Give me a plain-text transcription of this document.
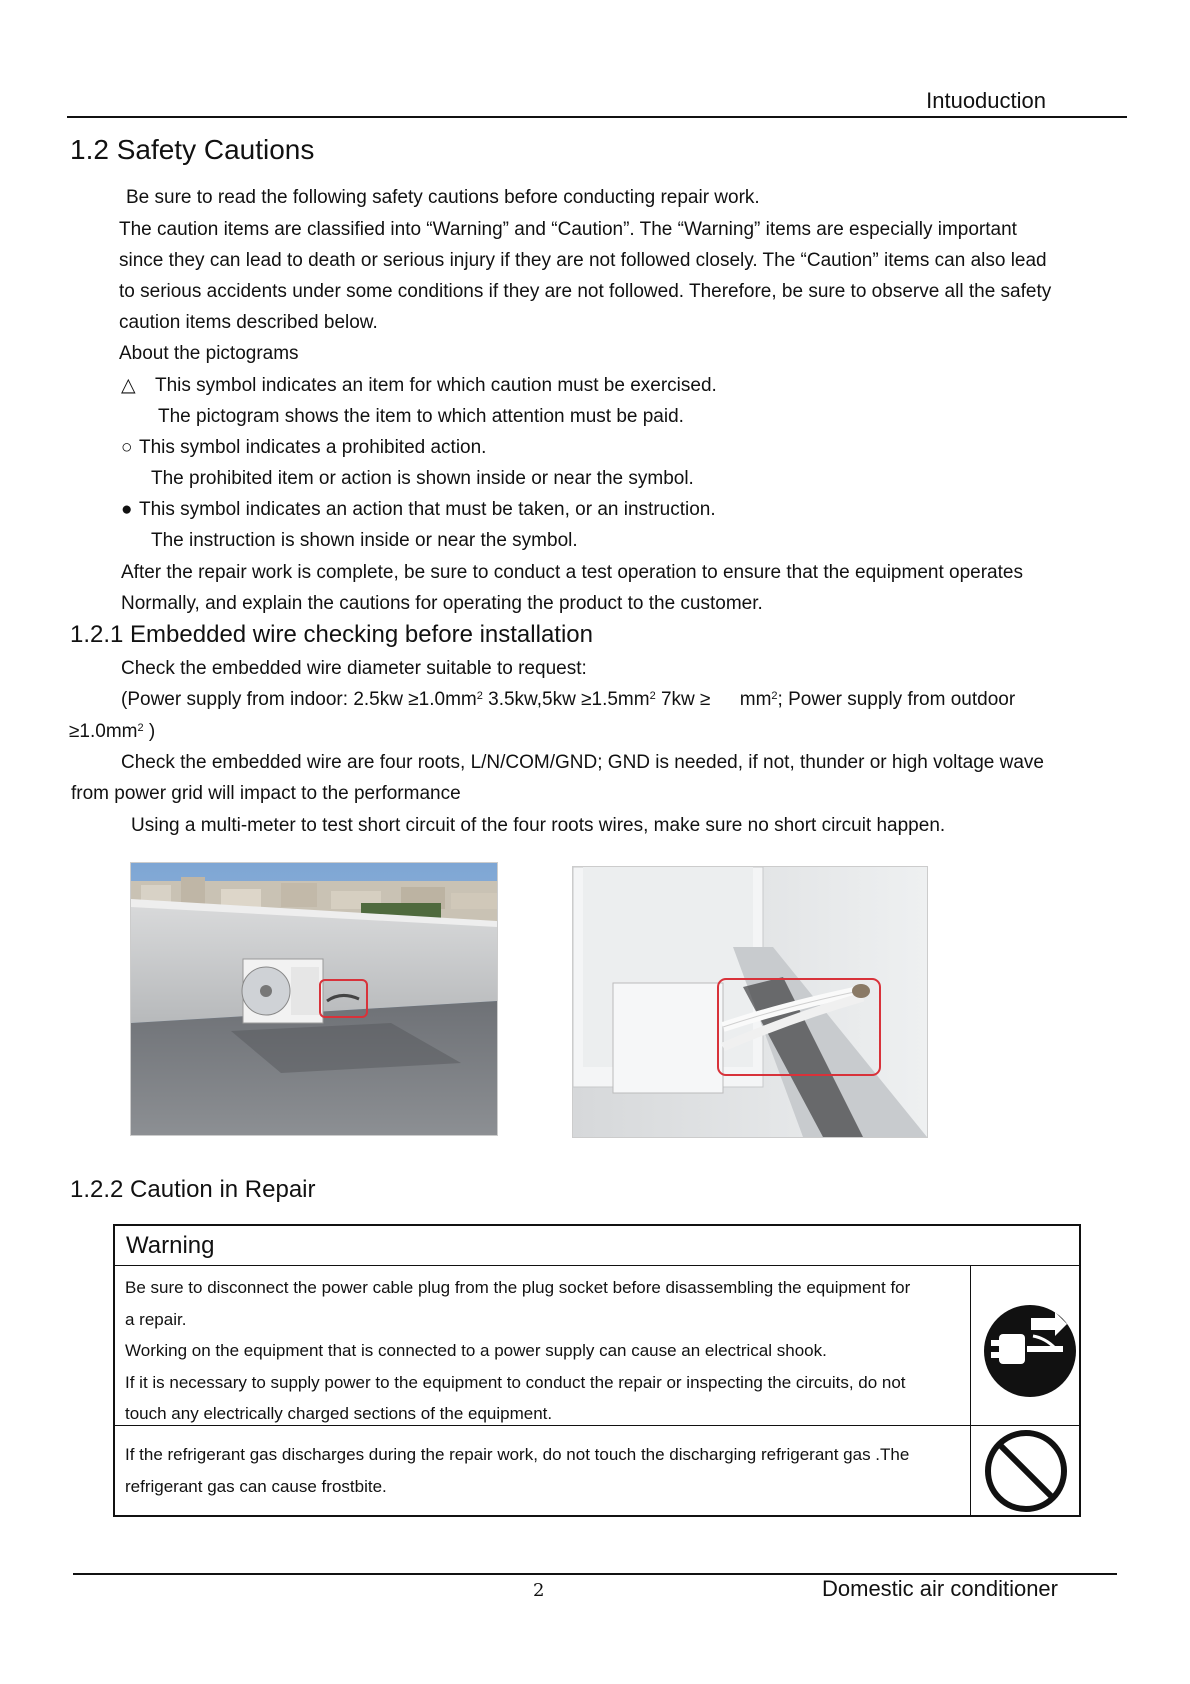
Intuoduction
1.2 Safety Cautions
Be sure to read the following safety cautions before conducting repair work.
The caution items are classified into “Warning” and “Caution”. The “Warning” items are especially important
since they can lead to death or serious injury if they are not followed closely. The “Caution” items can also lead
to serious accidents under some conditions if they are not followed. Therefore, be sure to observe all the safety
caution items described below.
About the pictograms
△ This symbol indicates an item for which caution must be exercised.
The pictogram shows the item to which attention must be paid.
○ This symbol indicates a prohibited action.
The prohibited item or action is shown inside or near the symbol.
● This symbol indicates an action that must be taken, or an instruction.
The instruction is shown inside or near the symbol.
After the repair work is complete, be sure to conduct a test operation to ensure that the equipment operates
Normally, and explain the cautions for operating the product to the customer.
1.2.1 Embedded wire checking before installation
Check the embedded wire diameter suitable to request:
(Power supply from indoor: $2.5kw \ge 1.0mm^2$ $3.5kw,5kw \ge 1.5mm^2$ $7kw \ge mm^2$; Power supply from outdoor
$\ge 1.0mm^2$ )
Check the embedded wire are four roots, L/N/COM/GND; GND is needed, if not, thunder or high voltage wave
from power grid will impact to the performance
Using a multi-meter to test short circuit of the four roots wires, make sure no short circuit happen.
1.2.2 Caution in Repair
Warning
Be sure to disconnect the power cable plug from the plug socket before disassembling the equipment for
a repair.
Working on the equipment that is connected to a power supply can cause an electrical shook.
If it is necessary to supply power to the equipment to conduct the repair or inspecting the circuits, do not
touch any electrically charged sections of the equipment.
If the refrigerant gas discharges during the repair work, do not touch the discharging refrigerant gas .The
refrigerant gas can cause frostbite.
2	Domestic air conditioner
